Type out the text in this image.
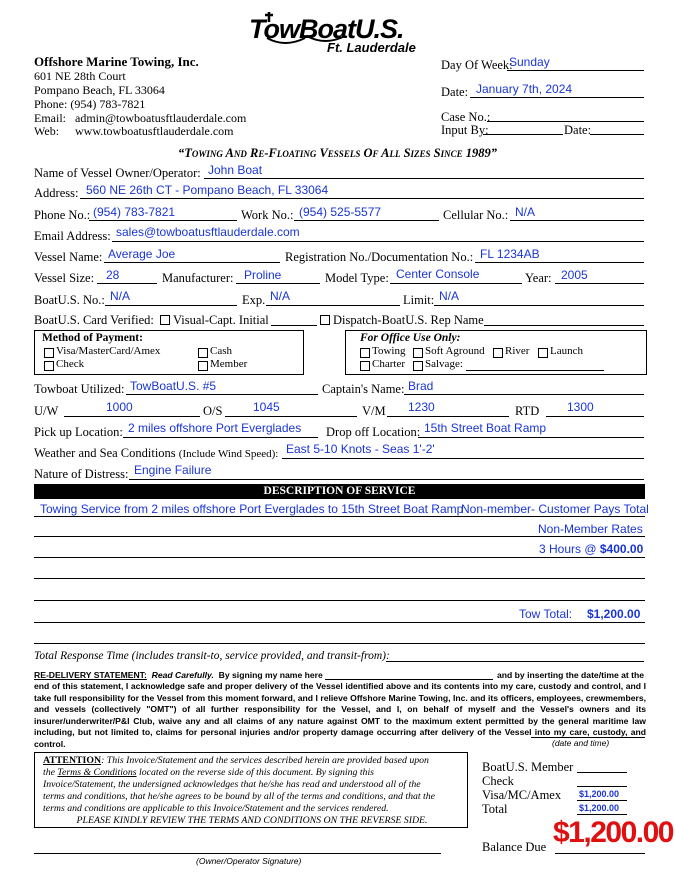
TowBoatU.S.
Ft. Lauderdale
Offshore Marine Towing, Inc.
601 NE 28th Court
Pompano Beach, FL 33064
Phone: (954) 783-7821
Email: admin@towboatusftlauderdale.com
Web: www.towboatusftlauderdale.com
Day Of Week:
Sunday
Date: January 7th, 2024
Case No.:
Input By:	Date:
“Towing And Re-Floating Vessels Of All Sizes Since 1989”
Name of Vessel Owner/Operator: John Boat
Address: 560 NE 26th CT - Pompano Beach, FL 33064
Phone No.: (954) 783-7821	Work No.: (954) 525-5577	Cellular No.: N/A
Email Address: sales@towboatusftlauderdale.com
Vessel Name: Average Joe	Registration No./Documentation No.: FL 1234AB
Vessel Size: 28	Manufacturer: Proline	Model Type: Center Console	Year: 2005
BoatU.S. No.: N/A	Exp. N/A	Limit: N/A
BoatU.S. Card Verified: Visual-Capt. Initial	Dispatch-BoatU.S. Rep Name
Method of Payment:
Visa/MasterCard/Amex	Cash
Check	Member
For Office Use Only:
Towing Soft Aground River Launch
Charter Salvage:
Towboat Utilized: TowBoatU.S. #5	Captain's Name: Brad
U/W	1000	O/S	1045	V/M 1230	RTD 1300
Pick up Location: 2 miles offshore Port Everglades Drop off Location: 15th Street Boat Ramp
Weather and Sea Conditions (Include Wind Speed): East 5-10 Knots - Seas 1'-2'
Nature of Distress: Engine Failure
DESCRIPTION OF SERVICE
Towing Service from 2 miles offshore Port Everglades to 15th Street Boat Ramp
Non-member- Customer Pays Total
Non-Member Rates
3 Hours @ $400.00
Tow Total: $1,200.00
Total Response Time (includes transit-to, service provided, and transit-from):
RE-DELIVERY STATEMENT: Read Carefully. By signing my name here	and by inserting the date/time at the
end of this statement, I acknowledge safe and proper delivery of the Vessel identified above and its contents into my care, custody and control, and I take full responsibility for the Vessel from this moment forward, and I relieve Offshore Marine Towing, Inc. and its officers, employees, crewmembers, and vessels (collectively "OMT") of all further responsibility for the Vessel, and I, on behalf of myself and the Vessel's owners and its insurer/underwriter/P&I Club, waive any and all claims of any nature against OMT to the maximum extent permitted by the general maritime law including, but not limited to, claims for personal injuries and/or property damage occurring after delivery of the Vessel into my care, custody, and control.	(date and time)
ATTENTION: This Invoice/Statement and the services described herein are provided based upon
the Terms & Conditions located on the reverse side of this document. By signing this
Invoice/Statement, the undersigned acknowledges that he/she has read and understood all of the
terms and conditions, that he/she agrees to be bound by all of the terms and conditions, and that the
terms and conditions are applicable to this Invoice/Statement and the services rendered.
PLEASE KINDLY REVIEW THE TERMS AND CONDITIONS ON THE REVERSE SIDE.
BoatU.S. Member
Check
Visa/MC/Amex $1,200.00
Total	$1,200.00
Balance Due $1,200.00
(Owner/Operator Signature)
